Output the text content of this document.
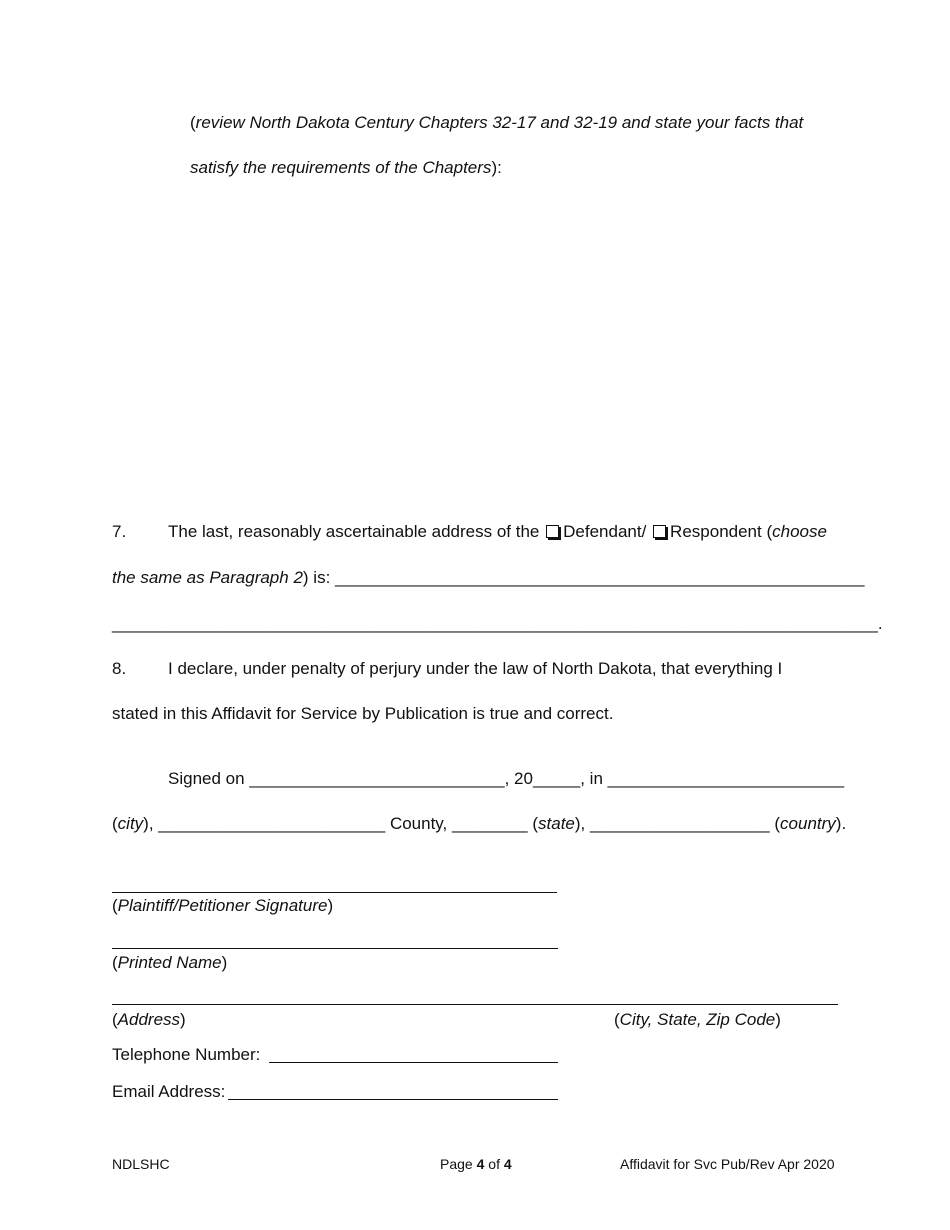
(review North Dakota Century Chapters 32-17 and 32-19 and state your facts that
satisfy the requirements of the Chapters):
7. The last, reasonably ascertainable address of the Defendant/ Respondent (choose
the same as Paragraph 2) is: ________________________________________________________
_________________________________________________________________________________.
8. I declare, under penalty of perjury under the law of North Dakota, that everything I
stated in this Affidavit for Service by Publication is true and correct.
Signed on ___________________________, 20_____, in _________________________
(city), ________________________ County, ________ (state), ___________________ (country).
(Plaintiff/Petitioner Signature)
(Printed Name)
(Address)	(City, State, Zip Code)
Telephone Number:
Email Address:
NDLSHC	Page 4 of 4	Affidavit for Svc Pub/Rev Apr 2020
